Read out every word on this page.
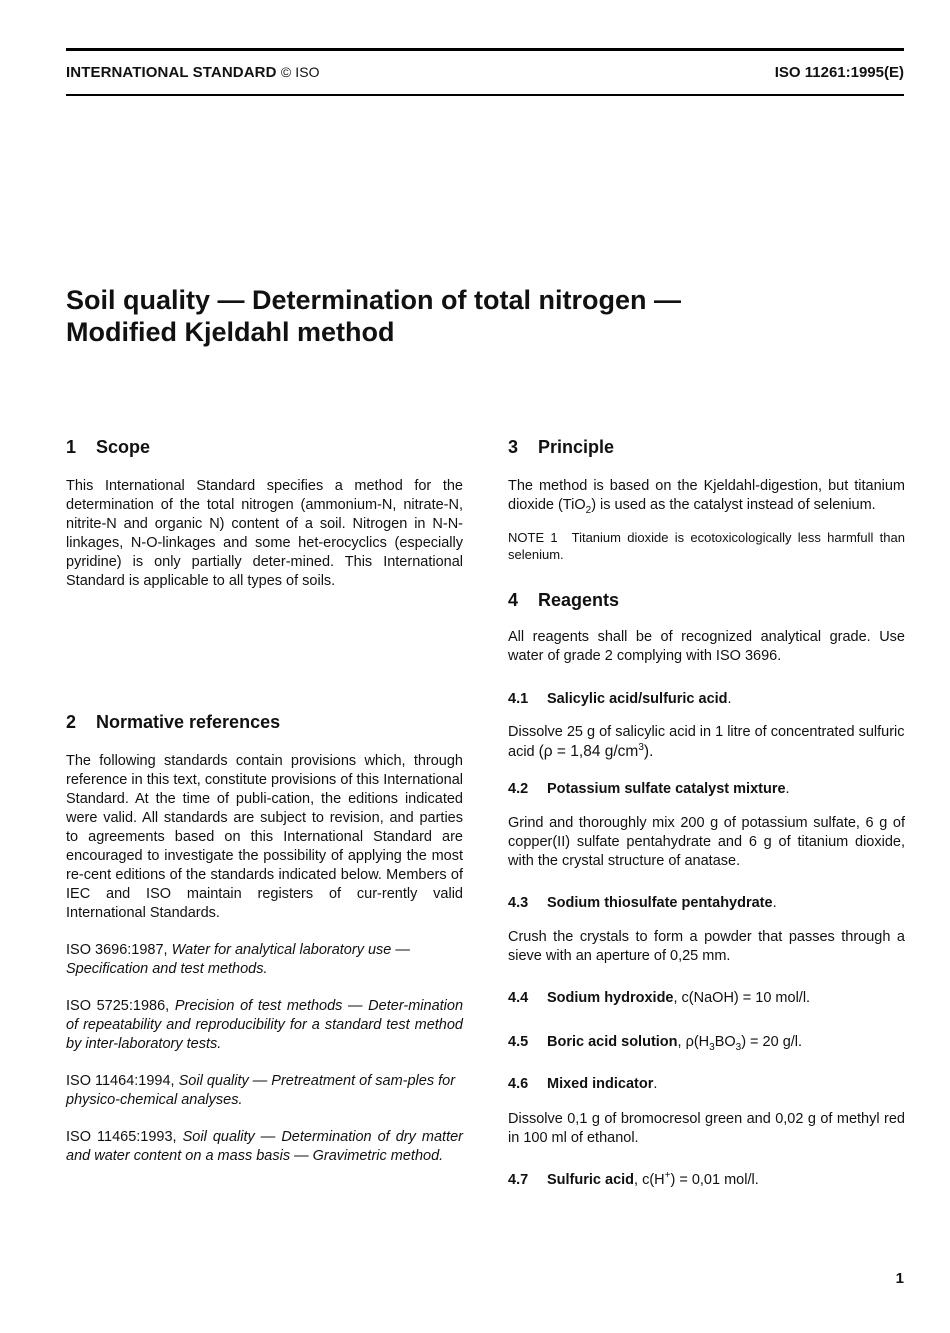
INTERNATIONAL STANDARD © ISO	ISO 11261:1995(E)
Soil quality — Determination of total nitrogen —
Modified Kjeldahl method
1 Scope

This International Standard specifies a method for the determination of the total nitrogen (ammonium-N, nitrate-N, nitrite-N and organic N) content of a soil. Nitrogen in N-N-linkages, N-O-linkages and some het-erocyclics (especially pyridine) is only partially deter-mined. This International Standard is applicable to all types of soils.

2 Normative references

The following standards contain provisions which, through reference in this text, constitute provisions of this International Standard. At the time of publi-cation, the editions indicated were valid. All standards are subject to revision, and parties to agreements based on this International Standard are encouraged to investigate the possibility of applying the most re-cent editions of the standards indicated below. Members of IEC and ISO maintain registers of cur-rently valid International Standards.

ISO 3696:1987, Water for analytical laboratory use — Specification and test methods.

ISO 5725:1986, Precision of test methods — Deter-mination of repeatability and reproducibility for a standard test method by inter-laboratory tests.

ISO 11464:1994, Soil quality — Pretreatment of sam-ples for physico-chemical analyses.

ISO 11465:1993, Soil quality — Determination of dry matter and water content on a mass basis — Gravimetric method.

3 Principle

The method is based on the Kjeldahl-digestion, but titanium dioxide (TiO$_2$) is used as the catalyst instead of selenium.

NOTE 1 Titanium dioxide is ecotoxicologically less harmfull than selenium.

4 Reagents

All reagents shall be of recognized analytical grade. Use water of grade 2 complying with ISO 3696.

4.1 Salicylic acid/sulfuric acid.

Dissolve 25 g of salicylic acid in 1 litre of concentrated sulfuric acid (ρ = 1,84 $g/cm^3$).

4.2 Potassium sulfate catalyst mixture.

Grind and thoroughly mix 200 g of potassium sulfate, 6 g of copper(II) sulfate pentahydrate and 6 g of titanium dioxide, with the crystal structure of anatase.

4.3 Sodium thiosulfate pentahydrate.

Crush the crystals to form a powder that passes through a sieve with an aperture of 0,25 mm.

4.4 Sodium hydroxide, c(NaOH) = 10 mol/l.
4.5 Boric acid solution, $\rho(H_3BO_3) = 20$ g/l.
4.6 Mixed indicator.

Dissolve 0,1 g of bromocresol green and 0,02 g of methyl red in 100 ml of ethanol.

4.7 Sulfuric acid, c(H+) = 0,01 mol/l.
1
